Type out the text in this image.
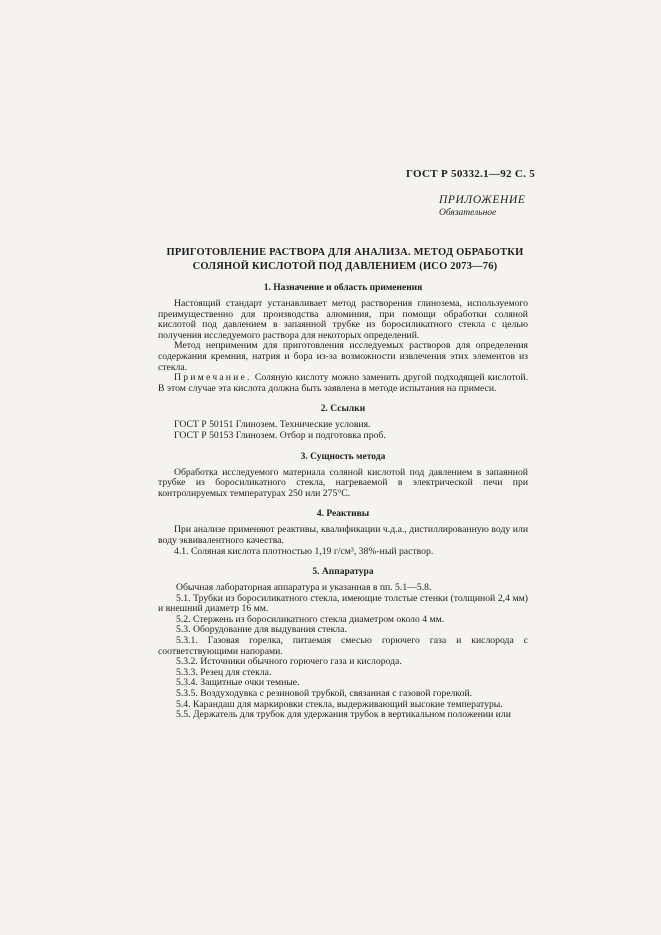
ГОСТ Р 50332.1—92 С. 5
ПРИЛОЖЕНИЕ
Обязательное
ПРИГОТОВЛЕНИЕ РАСТВОРА ДЛЯ АНАЛИЗА. МЕТОД ОБРАБОТКИ
СОЛЯНОЙ КИСЛОТОЙ ПОД ДАВЛЕНИЕМ (ИСО 2073—76)
1. Назначение и область применения

Настоящий стандарт устанавливает метод растворения глинозема, используемого преимущественно для производства алюминия, при помощи обработки соляной кислотой под давлением в запаянной трубке из боросиликатного стекла с целью получения исследуемого раствора для некоторых определений.

Метод неприменим для приготовления исследуемых растворов для определения содержания кремния, натрия и бора из-за возможности извлечения этих элементов из стекла.

Примечание. Соляную кислоту можно заменить другой подходящей кислотой. В этом случае эта кислота должна быть заявлена в методе испытания на примеси.

2. Ссылки

ГОСТ Р 50151 Глинозем. Технические условия.

ГОСТ Р 50153 Глинозем. Отбор и подготовка проб.

3. Сущность метода

Обработка исследуемого материала соляной кислотой под давлением в запаянной трубке из боросиликатного стекла, нагреваемой в электрической печи при контролируемых температурах 250 или 275°С.

4. Реактивы

При анализе применяют реактивы, квалификации ч.д.а., дистиллированную воду или воду эквивалентного качества.

4.1. Соляная кислота плотностью 1,19 г/см³, 38%-ный раствор.

5. Аппаратура

Обычная лабораторная аппаратура и указанная в пп. 5.1—5.8.

5.1. Трубки из боросиликатного стекла, имеющие толстые стенки (толщиной 2,4 мм) и внешний диаметр 16 мм.

5.2. Стержень из боросиликатного стекла диаметром около 4 мм.

5.3. Оборудование для выдувания стекла.

5.3.1. Газовая горелка, питаемая смесью горючего газа и кислорода с соответствующими напорами.

5.3.2. Источники обычного горючего газа и кислорода.

5.3.3. Резец для стекла.

5.3.4. Защитные очки темные.

5.3.5. Воздуходувка с резиновой трубкой, связанная с газовой горелкой.

5.4. Карандаш для маркировки стекла, выдерживающий высокие температуры.

5.5. Держатель для трубок для удержания трубок в вертикальном положении или
